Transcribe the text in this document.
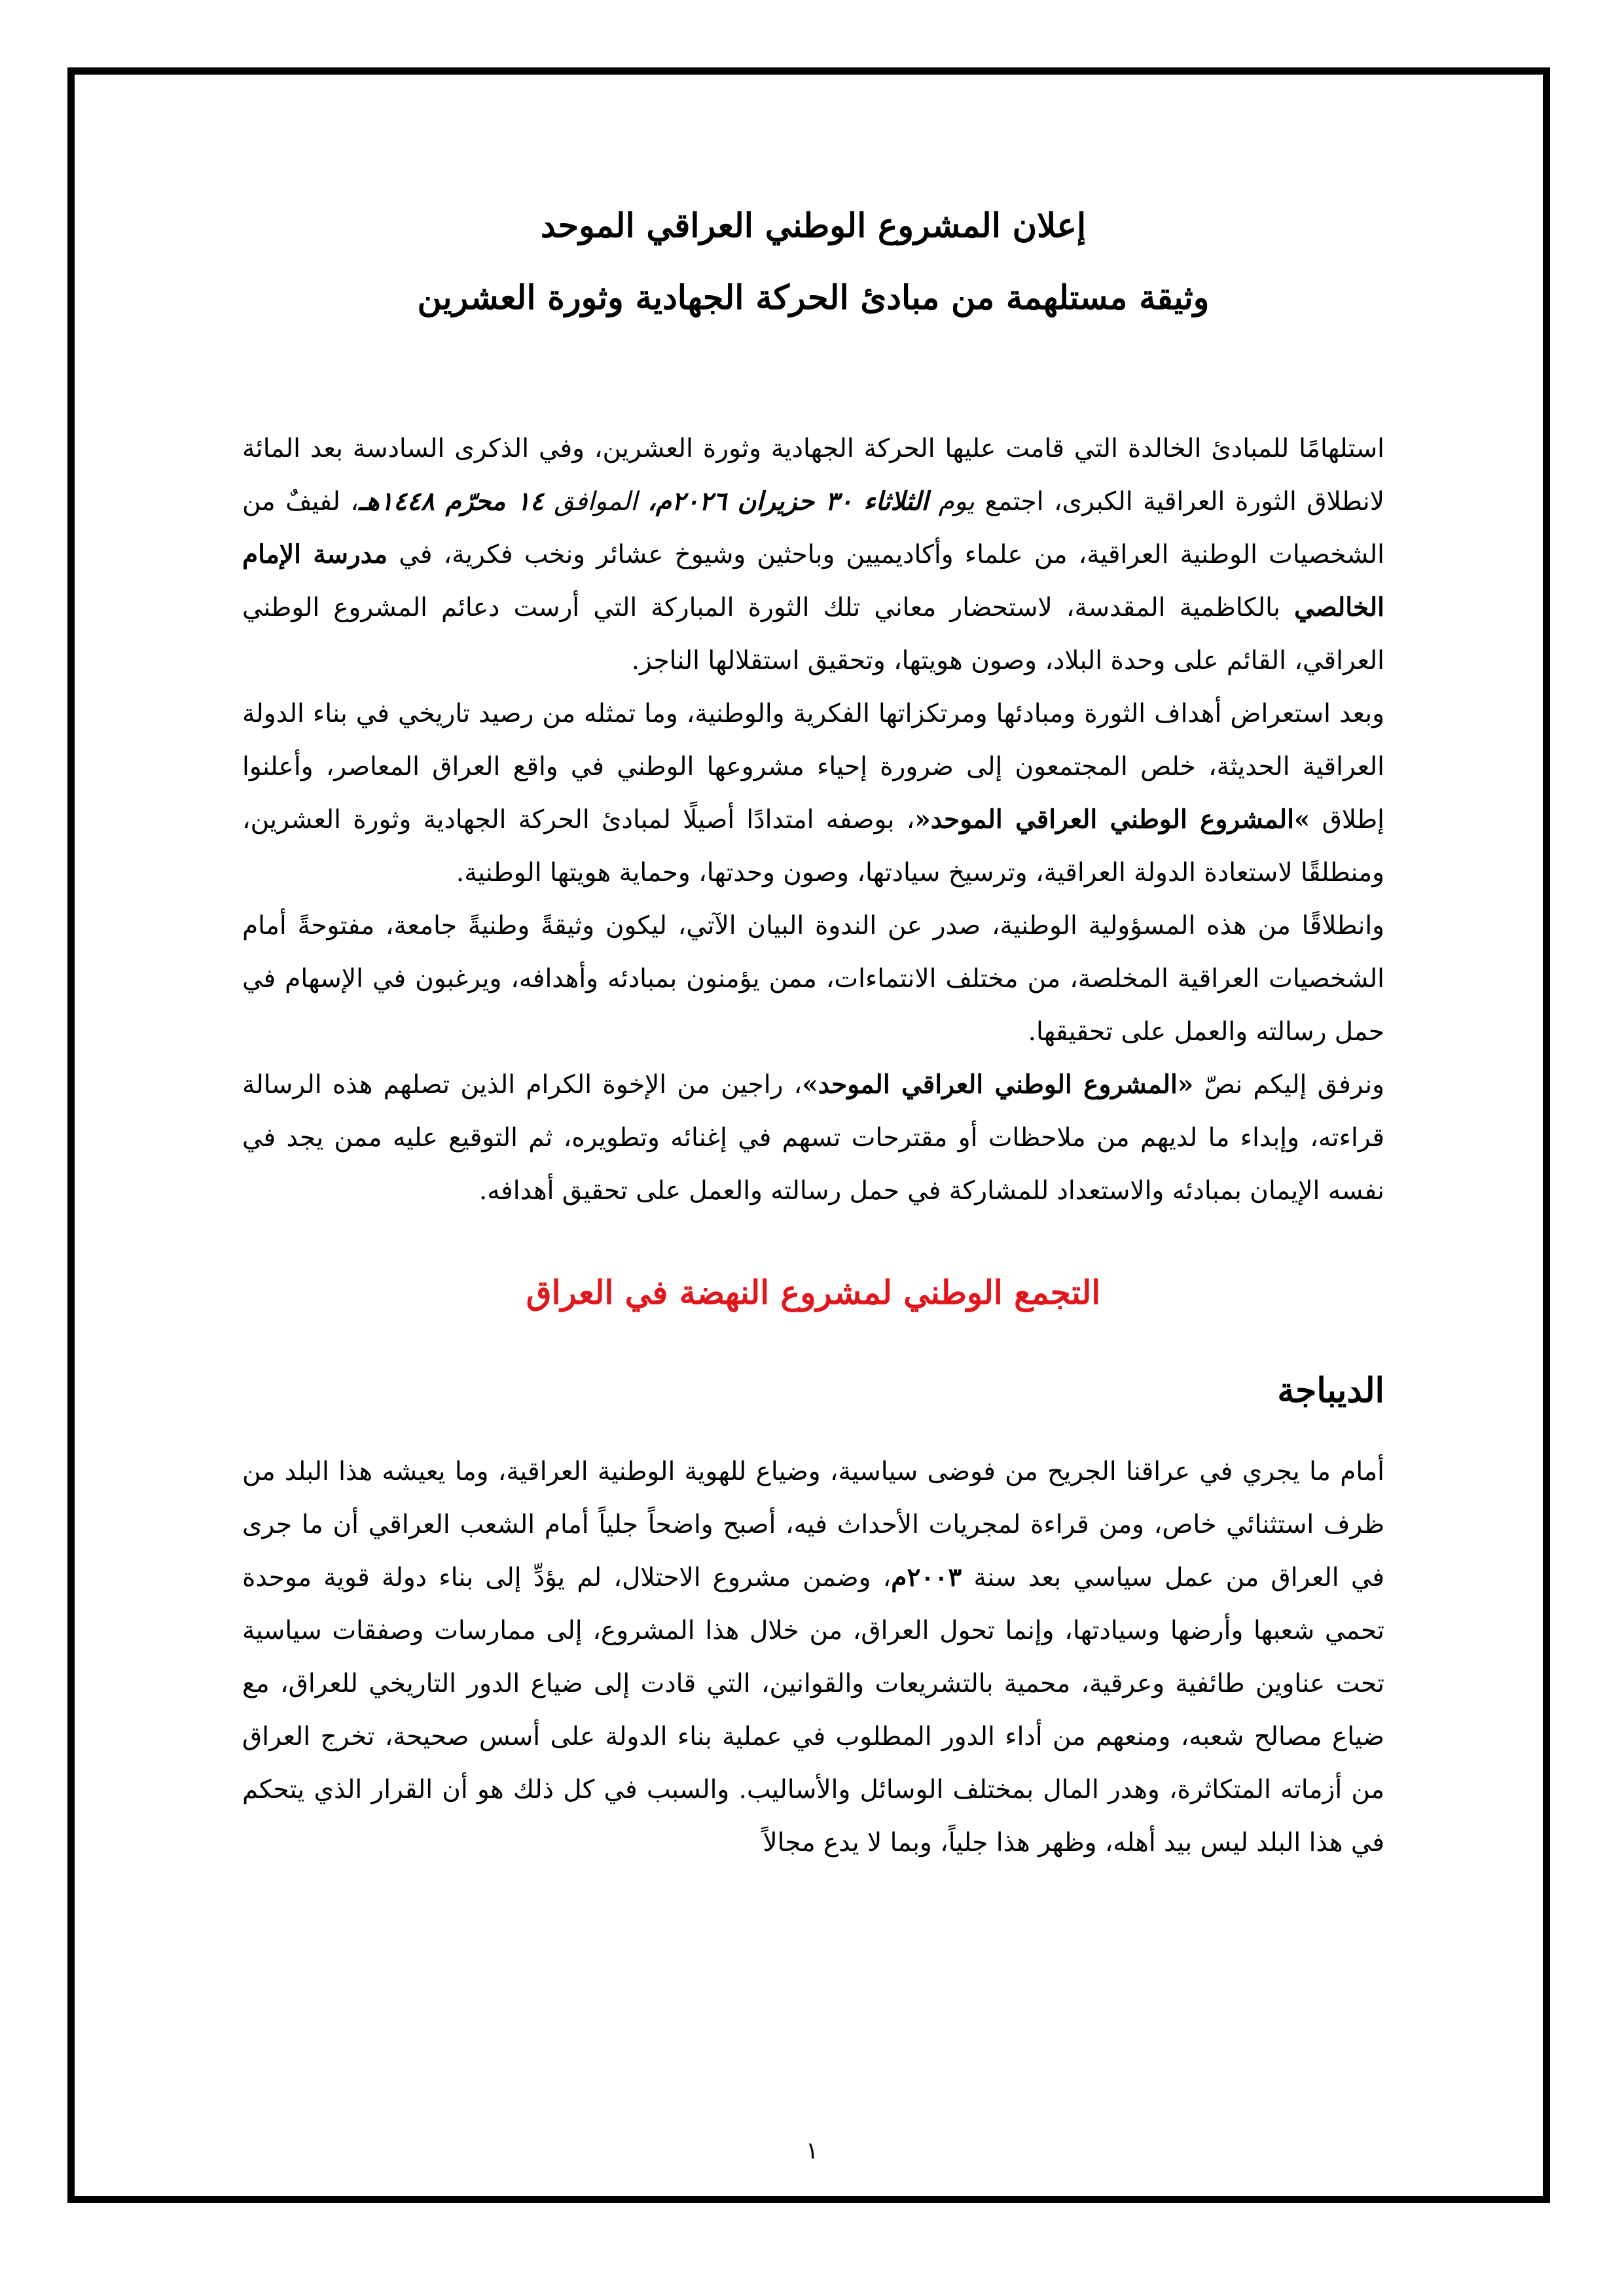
إعلان المشروع الوطني العراقي الموحد
وثيقة مستلهمة من مبادئ الحركة الجهادية وثورة العشرين

استلهامًا للمبادئ الخالدة التي قامت عليها الحركة الجهادية وثورة العشرين، وفي الذكرى السادسة بعد المائة لانطلاق الثورة العراقية الكبرى، اجتمع يوم الثلاثاء ٣٠ حزيران ٢٠٢٦م، الموافق ١٤ محرّم ١٤٤٨هـ، لفيفٌ من الشخصيات الوطنية العراقية، من علماء وأكاديميين وباحثين وشيوخ عشائر ونخب فكرية، في مدرسة الإمام الخالصي بالكاظمية المقدسة، لاستحضار معاني تلك الثورة المباركة التي أرست دعائم المشروع الوطني العراقي، القائم على وحدة البلاد، وصون هويتها، وتحقيق استقلالها الناجز.

وبعد استعراض أهداف الثورة ومبادئها ومرتكزاتها الفكرية والوطنية، وما تمثله من رصيد تاريخي في بناء الدولة العراقية الحديثة، خلص المجتمعون إلى ضرورة إحياء مشروعها الوطني في واقع العراق المعاصر، وأعلنوا إطلاق »المشروع الوطني العراقي الموحد«، بوصفه امتدادًا أصيلًا لمبادئ الحركة الجهادية وثورة العشرين، ومنطلقًا لاستعادة الدولة العراقية، وترسيخ سيادتها، وصون وحدتها، وحماية هويتها الوطنية.

وانطلاقًا من هذه المسؤولية الوطنية، صدر عن الندوة البيان الآتي، ليكون وثيقةً وطنيةً جامعة، مفتوحةً أمام الشخصيات العراقية المخلصة، من مختلف الانتماءات، ممن يؤمنون بمبادئه وأهدافه، ويرغبون في الإسهام في حمل رسالته والعمل على تحقيقها.

ونرفق إليكم نصّ «المشروع الوطني العراقي الموحد»، راجين من الإخوة الكرام الذين تصلهم هذه الرسالة قراءته، وإبداء ما لديهم من ملاحظات أو مقترحات تسهم في إغنائه وتطويره، ثم التوقيع عليه ممن يجد في نفسه الإيمان بمبادئه والاستعداد للمشاركة في حمل رسالته والعمل على تحقيق أهدافه.

التجمع الوطني لمشروع النهضة في العراق
الديباجة

أمام ما يجري في عراقنا الجريح من فوضى سياسية، وضياع للهوية الوطنية العراقية، وما يعيشه هذا البلد من ظرف استثنائي خاص، ومن قراءة لمجريات الأحداث فيه، أصبح واضحاً جلياً أمام الشعب العراقي أن ما جرى في العراق من عمل سياسي بعد سنة ٢٠٠٣م، وضمن مشروع الاحتلال، لم يؤدِّ إلى بناء دولة قوية موحدة تحمي شعبها وأرضها وسيادتها، وإنما تحول العراق، من خلال هذا المشروع، إلى ممارسات وصفقات سياسية تحت عناوين طائفية وعرقية، محمية بالتشريعات والقوانين، التي قادت إلى ضياع الدور التاريخي للعراق، مع ضياع مصالح شعبه، ومنعهم من أداء الدور المطلوب في عملية بناء الدولة على أسس صحيحة، تخرج العراق من أزماته المتكاثرة، وهدر المال بمختلف الوسائل والأساليب. والسبب في كل ذلك هو أن القرار الذي يتحكم في هذا البلد ليس بيد أهله، وظهر هذا جلياً، وبما لا يدع مجالاً

١
